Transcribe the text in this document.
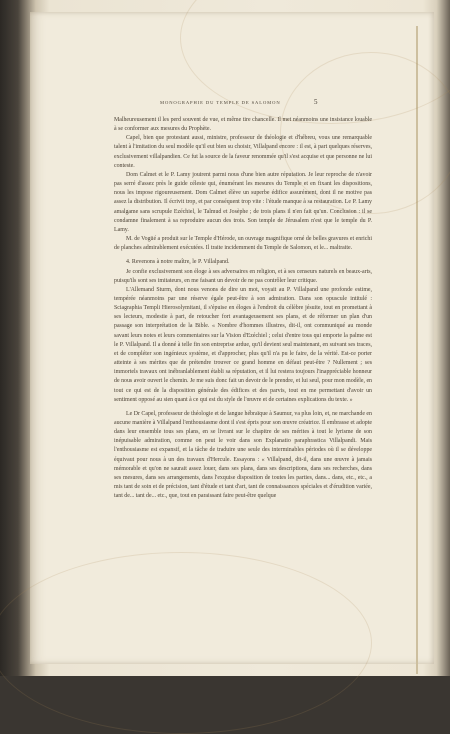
MONOGRAPHIE DU TEMPLE DE SALOMON	5

Malheureusement il les perd souvent de vue, et même tire chancelle. Il met néanmoins une insistance louable à se conformer aux mesures du Prophète.

Capel, bien que protestant aussi, ministre, professeur de théologie et d'hébreu, vous une remarquable talent à l'imitation du seul modèle qu'il eut bien su choisir, Villalpand encore : il est, à part quelques réserves, exclusivement villalpandien. Ce fut la source de la faveur renommée qu'il s'est acquise et que personne ne lui conteste.

Dom Calmet et le P. Lamy jouirent parmi nous d'une bien autre réputation. Je leur reproche de n'avoir pas serré d'assez près le guide céleste qui, énumérant les mesures du Temple et en fixant les dispositions, nous les impose rigoureusement. Dom Calmet élève un superbe édifice assurément, dont il ne motive pas assez la distribution. Il écrivit trop, et par conséquent trop vite : l'étude manque à sa restauration. Le P. Lamy amalgame sans scrupule Ezéchiel, le Talmud et Josèphe ; de trois plans il n'en fait qu'un. Conclusion : il se condamne finalement à sa reproduire aucun des trois. Son temple de Jérusalem n'est que le temple du P. Lamy.

M. de Vogüé a produit sur le Temple d'Hérode, un ouvrage magnifique orné de belles gravures et enrichi de planches admirablement exécutées. Il traite incidemment du Temple de Salomon, et le... maltraite.

4. Revenons à notre maître, le P. Villalpand.

Je confie exclusivement son éloge à ses adversaires en religion, et à ses censeurs naturels en beaux-arts, puisqu'ils sont ses imitateurs, en me faisant un devoir de ne pas contrôler leur critique.

L'Allemand Sturm, dont nous venons de dire un mot, voyait au P. Villalpand une profonde estime, tempérée néanmoins par une réserve égale peut-être à son admiration. Dans son opuscule intitulé : Sciagraphia Templi Hierosolymitani, il s'épuise en éloges à l'endroit du célèbre jésuite, tout en promettant à ses lecteurs, modestie à part, de retoucher fort avantageusement ses plans, et de réformer un plan d'un passage son interprétation de la Bible. « Nombre d'hommes illustres, dit-il, ont communiqué au monde savant leurs notes et leurs commentaires sur la Vision d'Ezéchiel ; celui d'entre tous qui emporte la palme est le P. Villalpand. Il a donné à telle fin son entreprise ardue, qu'il devient seul maintenant, en suivant ses traces, et de compléter son ingénieux système, et d'approcher, plus qu'il n'a pu le faire, de la vérité. Est-ce porter atteinte à ses mérites que de prétendre trouver ce grand homme en défaut peut-être ? Nullement ; ses immortels travaux ont inébranlablement établi sa réputation, et il lui restera toujours l'inappréciable honneur de nous avoir ouvert le chemin. Je me suis donc fait un devoir de le prendre, et lui seul, pour mon modèle, en tout ce qui est de la disposition générale des édifices et des parvis, tout en me permettant d'avoir un sentiment opposé au sien quant à ce qui est du style de l'œuvre et de certaines explications du texte. »

Le Dr Capel, professeur de théologie et de langue hébraïque à Saumur, va plus loin, et, ne marchande en aucune manière à Villalpand l'enthousiasme dont il s'est épris pour son œuvre créatrice. Il embrasse et adopte dans leur ensemble tous ses plans, en se livrant sur le chapitre de ses mérites à tout le lyrisme de son inépuisable admiration, comme on peut le voir dans son Explanatio paraphrastica Villalpandi. Mais l'enthousiasme est expansif, et la tâche de traduire une seule des interminables périodes où il se développe équivaut pour nous à un des travaux d'Hercule. Essayons : « Villalpand, dit-il, dans une œuvre à jamais mémorable et qu'on ne saurait assez louer, dans ses plans, dans ses descriptions, dans ses recherches, dans ses mesures, dans ses arrangements, dans l'exquise disposition de toutes les parties, dans... dans, etc., etc., a mis tant de soin et de précision, tant d'étude et tant d'art, tant de connaissances spéciales et d'érudition variée, tant de... tant de... etc., que, tout en paraissant faire peut-être quelque
